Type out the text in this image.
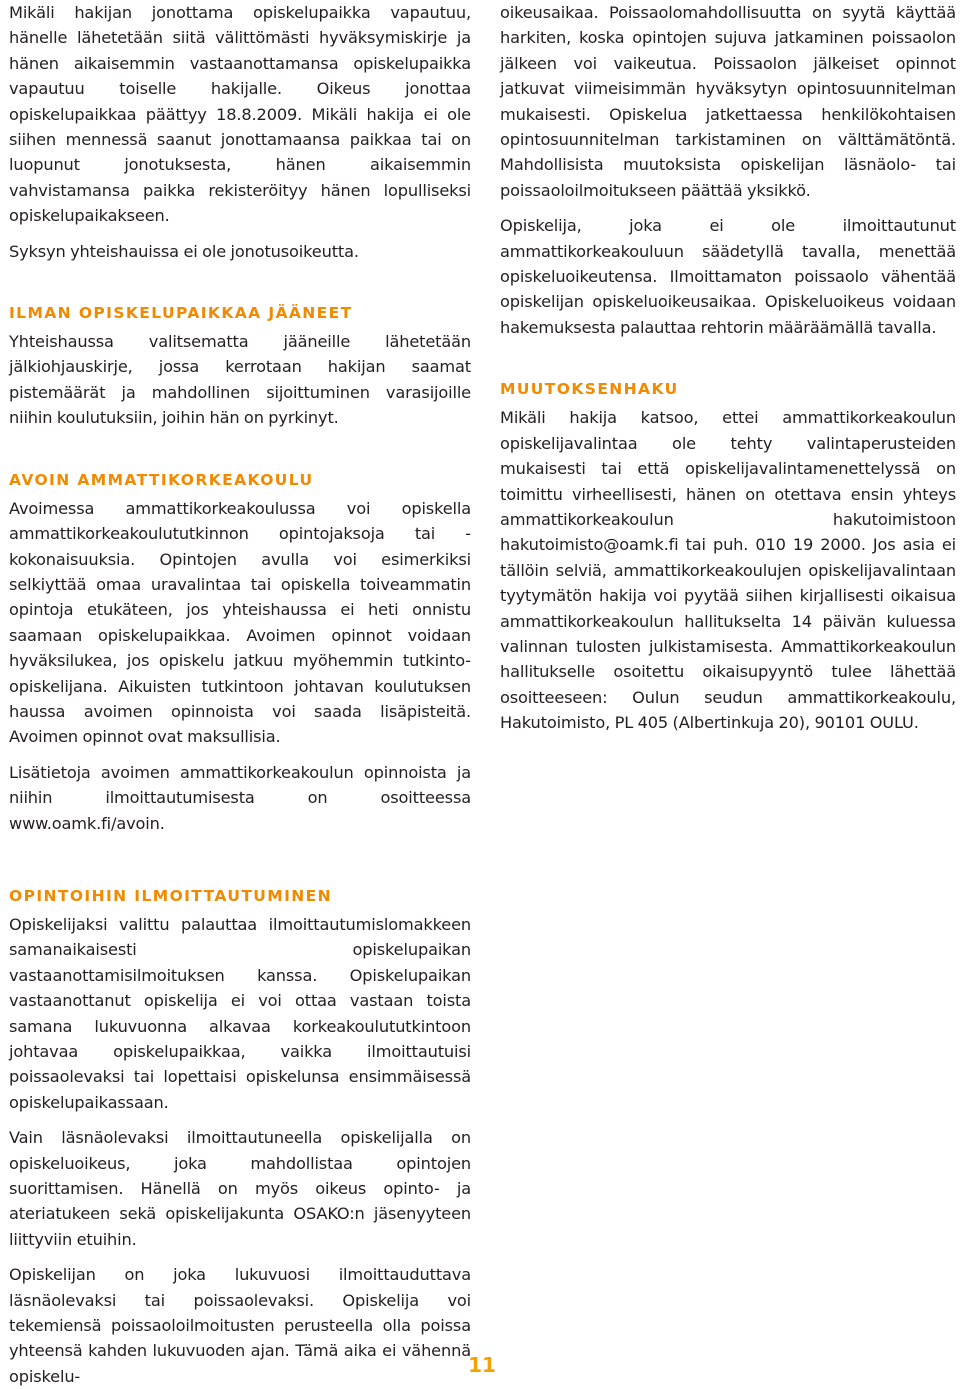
Mikäli hakijan jonottama opiskelupaikka vapautuu, hänelle lähetetään siitä välittömästi hyväksymiskirje ja hänen aikaisemmin vastaanottamansa opiskelupaikka vapautuu toiselle hakijalle. Oikeus jonottaa opiskelupaikkaa päättyy 18.8.2009. Mikäli hakija ei ole siihen mennessä saanut jonottamaansa paikkaa tai on luopunut jonotuksesta, hänen aikaisemmin vahvistamansa paikka rekisteröityy hänen lopulliseksi opiskelupaikakseen.

Syksyn yhteishauissa ei ole jonotusoikeutta.

ILMAN OPISKELUPAIKKAA JÄÄNEET

Yhteishaussa valitsematta jääneille lähetetään jälkiohjauskirje, jossa kerrotaan hakijan saamat pistemäärät ja mahdollinen sijoittuminen varasijoille niihin koulutuksiin, joihin hän on pyrkinyt.

AVOIN AMMATTIKORKEAKOULU

Avoimessa ammattikorkeakoulussa voi opiskella ammattikorkeakoulututkinnon opintojaksoja tai -kokonaisuuksia. Opintojen avulla voi esimerkiksi selkiyttää omaa uravalintaa tai opiskella toiveammatin opintoja etukäteen, jos yhteishaussa ei heti onnistu saamaan opiskelupaikkaa. Avoimen opinnot voidaan hyväksilukea, jos opiskelu jatkuu myöhemmin tutkinto-opiskelijana. Aikuisten tutkintoon johtavan koulutuksen haussa avoimen opinnoista voi saada lisäpisteitä. Avoimen opinnot ovat maksullisia.

Lisätietoja avoimen ammattikorkeakoulun opinnoista ja niihin ilmoittautumisesta on osoitteessa www.oamk.fi/avoin.

OPINTOIHIN ILMOITTAUTUMINEN

Opiskelijaksi valittu palauttaa ilmoittautumislomakkeen samanaikaisesti opiskelupaikan vastaanottamisilmoituksen kanssa. Opiskelupaikan vastaanottanut opiskelija ei voi ottaa vastaan toista samana lukuvuonna alkavaa korkeakoulututkintoon johtavaa opiskelupaikkaa, vaikka ilmoittautuisi poissaolevaksi tai lopettaisi opiskelunsa ensimmäisessä opiskelupaikassaan.

Vain läsnäolevaksi ilmoittautuneella opiskelijalla on opiskeluoikeus, joka mahdollistaa opintojen suorittamisen. Hänellä on myös oikeus opinto- ja ateriatukeen sekä opiskelijakunta OSAKO:n jäsenyyteen liittyviin etuihin.

Opiskelijan on joka lukuvuosi ilmoittauduttava läsnäolevaksi tai poissaolevaksi. Opiskelija voi tekemiensä poissaoloilmoitusten perusteella olla poissa yhteensä kahden lukuvuoden ajan. Tämä aika ei vähennä opiskelu-

oikeusaikaa. Poissaolomahdollisuutta on syytä käyttää harkiten, koska opintojen sujuva jatkaminen poissaolon jälkeen voi vaikeutua. Poissaolon jälkeiset opinnot jatkuvat viimeisimmän hyväksytyn opintosuunnitelman mukaisesti. Opiskelua jatkettaessa henkilökohtaisen opintosuunnitelman tarkistaminen on välttämätöntä. Mahdollisista muutoksista opiskelijan läsnäolo- tai poissaoloilmoitukseen päättää yksikkö.

Opiskelija, joka ei ole ilmoittautunut ammattikorkeakouluun säädetyllä tavalla, menettää opiskeluoikeutensa. Ilmoittamaton poissaolo vähentää opiskelijan opiskeluoikeusaikaa. Opiskeluoikeus voidaan hakemuksesta palauttaa rehtorin määräämällä tavalla.

MUUTOKSENHAKU

Mikäli hakija katsoo, ettei ammattikorkeakoulun opiskelijavalintaa ole tehty valintaperusteiden mukaisesti tai että opiskelijavalintamenettelyssä on toimittu virheellisesti, hänen on otettava ensin yhteys ammattikorkeakoulun hakutoimistoon hakutoimisto@oamk.fi tai puh. 010 19 2000. Jos asia ei tällöin selviä, ammattikorkeakoulujen opiskelijavalintaan tyytymätön hakija voi pyytää siihen kirjallisesti oikaisua ammattikorkeakoulun hallitukselta 14 päivän kuluessa valinnan tulosten julkistamisesta. Ammattikorkeakoulun hallitukselle osoitettu oikaisupyyntö tulee lähettää osoitteeseen: Oulun seudun ammattikorkeakoulu, Hakutoimisto, PL 405 (Albertinkuja 20), 90101 OULU.

11
